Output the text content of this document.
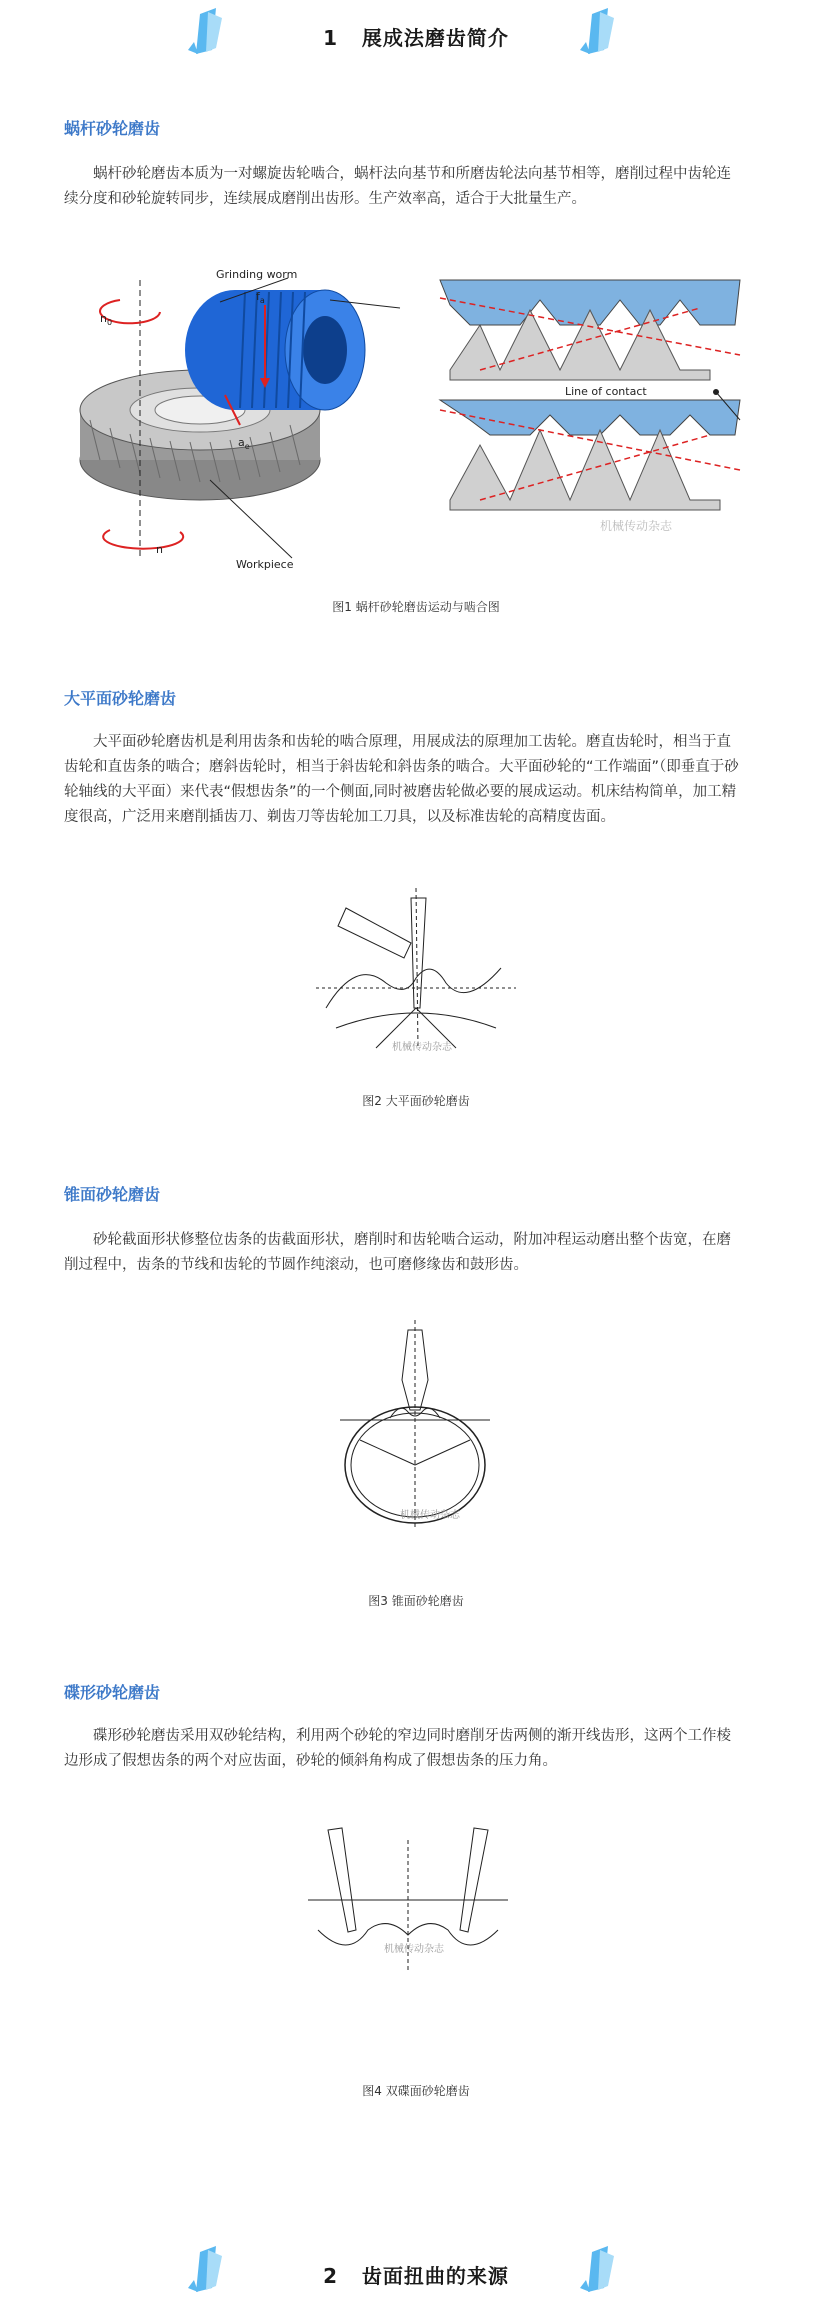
1 展成法磨齿简介
蜗杆砂轮磨齿

蜗杆砂轮磨齿本质为一对螺旋齿轮啮合，蜗杆法向基节和所磨齿轮法向基节相等，磨削过程中齿轮连续分度和砂轮旋转同步，连续展成磨削出齿形。生产效率高，适合于大批量生产。

$n_0$
n
$f_a$
$a_e$
Grinding worm
Workpiece
Line of contact
机械传动杂志
图1 蜗杆砂轮磨齿运动与啮合图
大平面砂轮磨齿

大平面砂轮磨齿机是利用齿条和齿轮的啮合原理，用展成法的原理加工齿轮。磨直齿轮时，相当于直齿轮和直齿条的啮合；磨斜齿轮时，相当于斜齿轮和斜齿条的啮合。大平面砂轮的“工作端面”（即垂直于砂轮轴线的大平面）来代表“假想齿条”的一个侧面,同时被磨齿轮做必要的展成运动。机床结构简单，加工精度很高，广泛用来磨削插齿刀、剃齿刀等齿轮加工刀具，以及标准齿轮的高精度齿面。

机械传动杂志
图2 大平面砂轮磨齿
锥面砂轮磨齿

砂轮截面形状修整位齿条的齿截面形状，磨削时和齿轮啮合运动，附加冲程运动磨出整个齿宽，在磨削过程中，齿条的节线和齿轮的节圆作纯滚动，也可磨修缘齿和鼓形齿。

机械传动杂志
图3 锥面砂轮磨齿
碟形砂轮磨齿

碟形砂轮磨齿采用双砂轮结构，利用两个砂轮的窄边同时磨削牙齿两侧的渐开线齿形，这两个工作棱边形成了假想齿条的两个对应齿面，砂轮的倾斜角构成了假想齿条的压力角。

机械传动杂志
图4 双碟面砂轮磨齿
2 齿面扭曲的来源
